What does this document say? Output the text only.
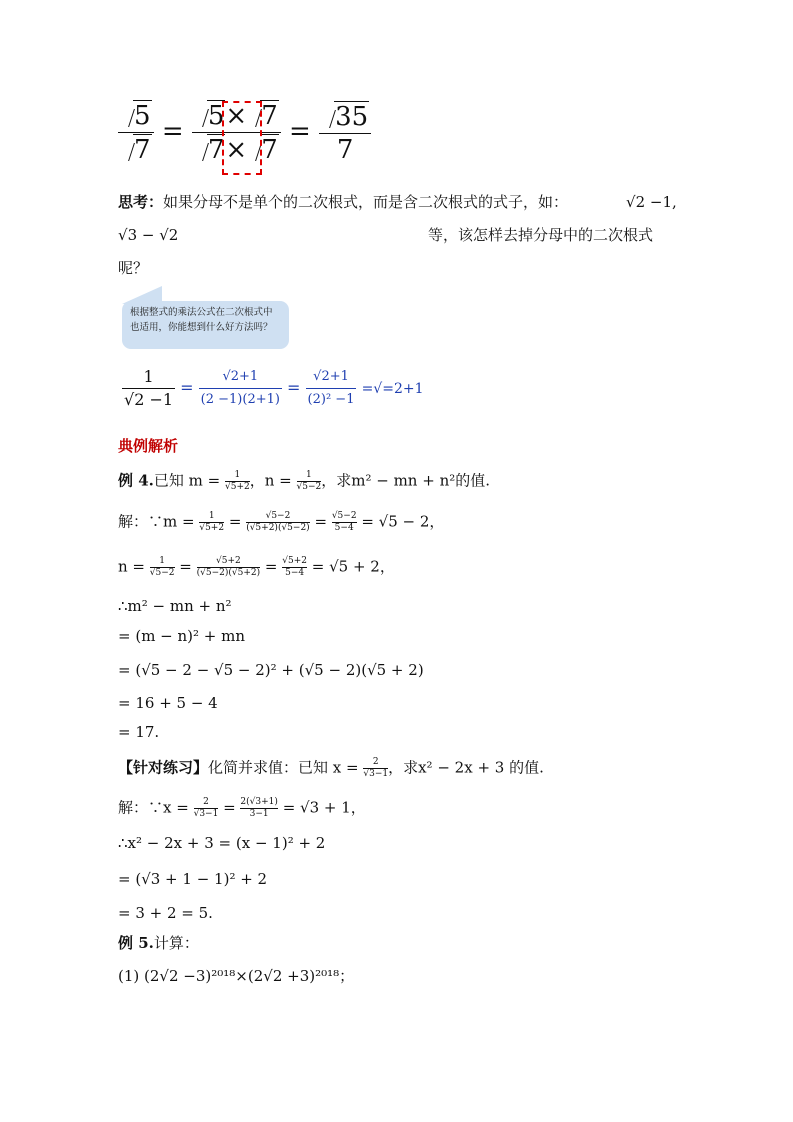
$\frac{5}{7} = \frac{5\times 7}{7\times 7} = \frac{35}{7}$
思考：如果分母不是单个的二次根式，而是含二次根式的式子，如：	√2 −1,
√3 − √2	等，该怎样去掉分母中的二次根式
呢？
根据整式的乘法公式在二次根式中也适用，你能想到什么好方法吗？
$\frac{1}{√2 -1} = \frac{√2+1}{(2 -1)(2+1)} = \frac{√2+1}{\text{(2)² −1}} =√=2+1$
典例解析
例 4.已知 $m = \frac{1}{√5+2}$ ，$n = \frac{1}{√5-2}$ ，求m² − mn + n²的值.
解：∵m = $\frac{1}{√5+2} = \frac{√5-2}{(√5+2)(√5-2)} = \frac{√5-2}{5-4} = √5 - 2$，
$n = \frac{1}{√5-2} = \frac{√5+2}{(√5-2)(√5+2)} = \frac{√5+2}{5-4} = √5 + 2$，
∴m² − mn + n²
= (m − n)² + mn
= (√5 − 2 − √5 − 2)² + (√5 − 2)(√5 + 2)
= 16 + 5 − 4
= 17.
【针对练习】化简并求值：已知 $x = \frac{2}{√3-1}$ ，求x² − 2x + 3 的值.
解：∵x = $\frac{2}{√3-1} = \frac{2(√3+1)}{3-1} = √3 + 1$，
∴x² − 2x + 3 = (x − 1)² + 2
= (√3 + 1 − 1)² + 2
= 3 + 2 = 5.
例 5.计算：
(1) (2√2 −3)²⁰¹⁸×(2√2 +3)²⁰¹⁸；
